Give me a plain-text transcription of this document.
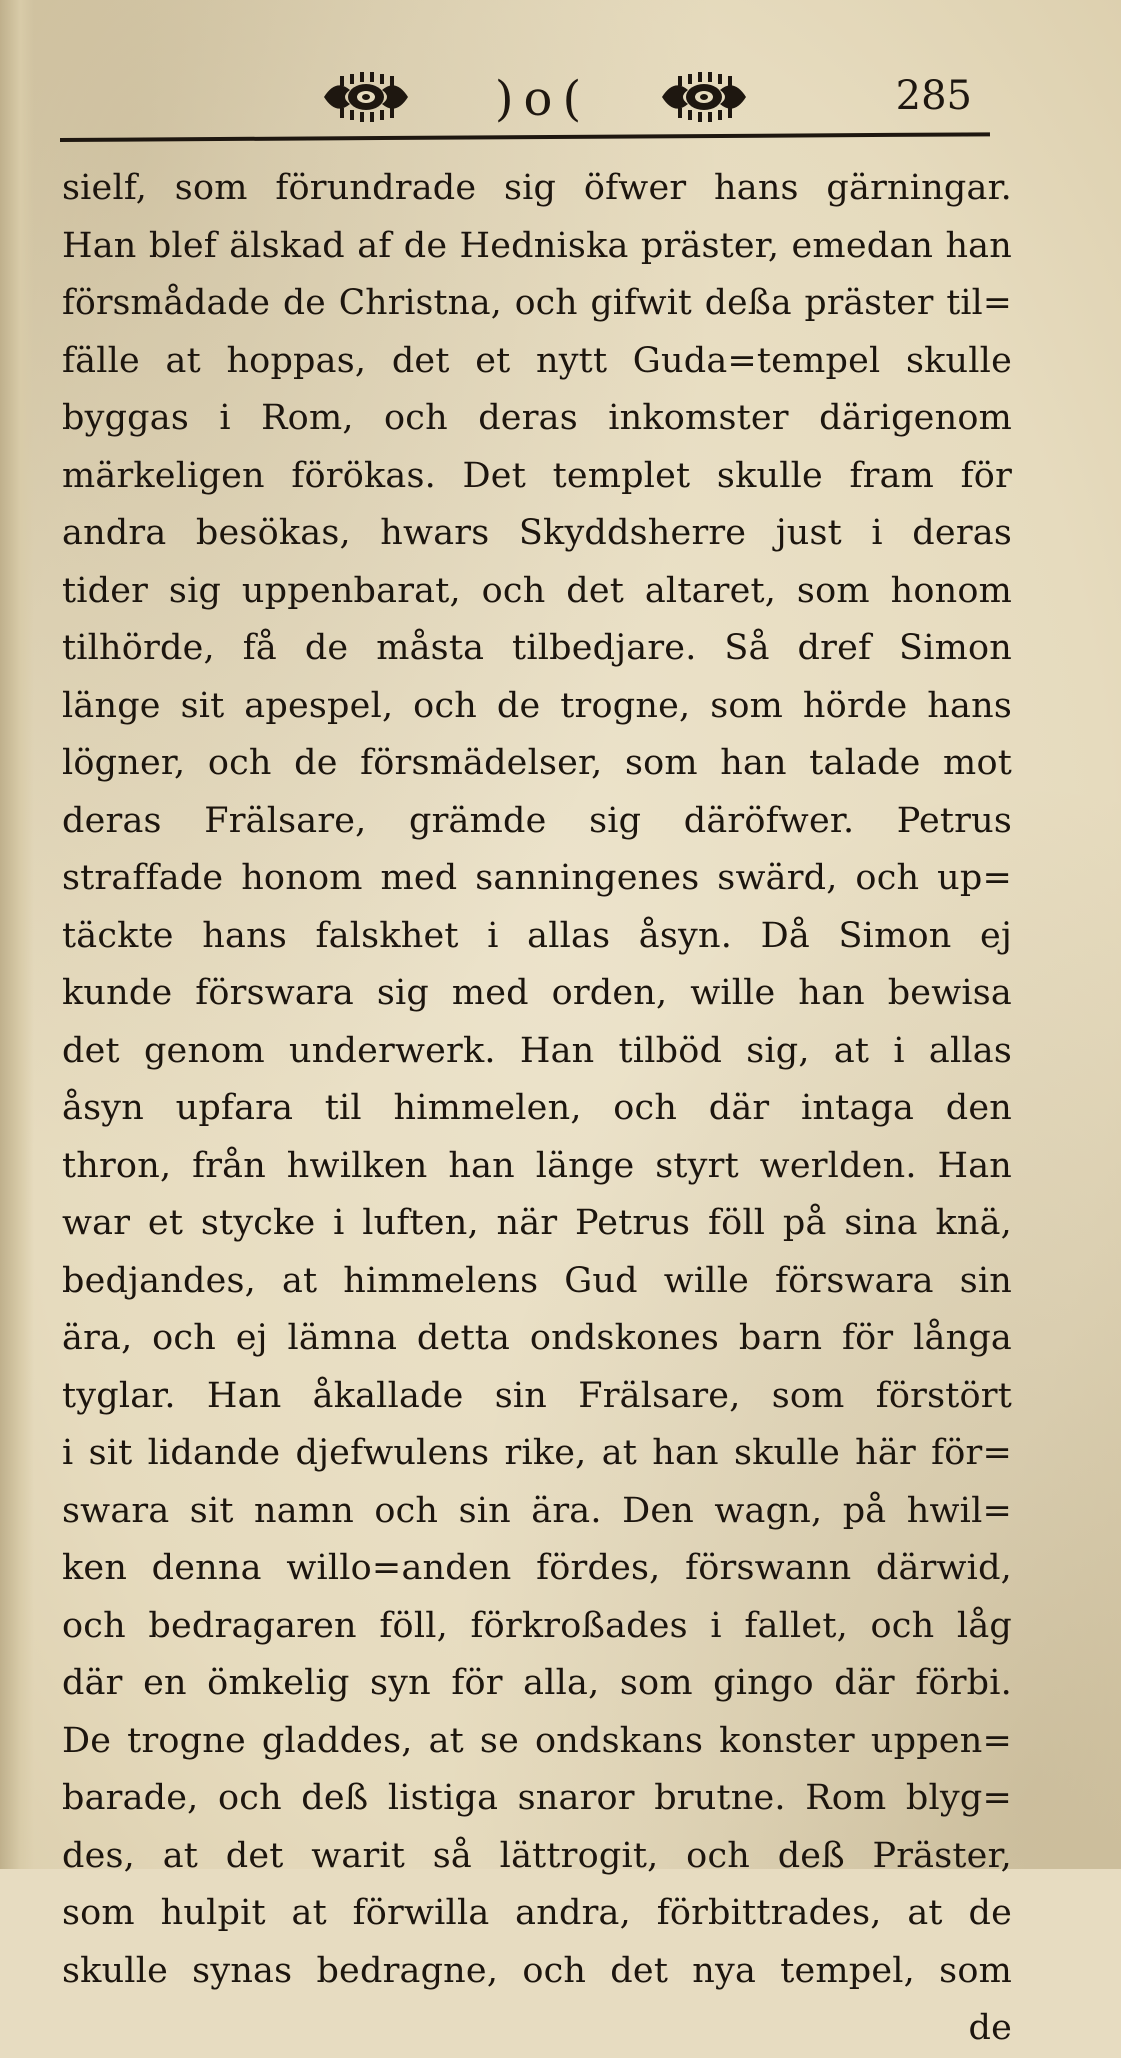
)o(	285
sielf, som förundrade sig öfwer hans gärningar.
Han blef älskad af de Hedniska präster, emedan han
försmådade de Christna, och gifwit deßa präster til=
fälle at hoppas, det et nytt Guda=tempel skulle
byggas i Rom, och deras inkomster därigenom
märkeligen förökas. Det templet skulle fram för
andra besökas, hwars Skyddsherre just i deras
tider sig uppenbarat, och det altaret, som honom
tilhörde, få de måsta tilbedjare. Så dref Simon
länge sit apespel, och de trogne, som hörde hans
lögner, och de försmädelser, som han talade mot
deras Frälsare, grämde sig däröfwer. Petrus
straffade honom med sanningenes swärd, och up=
täckte hans falskhet i allas åsyn. Då Simon ej
kunde förswara sig med orden, wille han bewisa
det genom underwerk. Han tilböd sig, at i allas
åsyn upfara til himmelen, och där intaga den
thron, från hwilken han länge styrt werlden. Han
war et stycke i luften, när Petrus föll på sina knä,
bedjandes, at himmelens Gud wille förswara sin
ära, och ej lämna detta ondskones barn för långa
tyglar. Han åkallade sin Frälsare, som förstört
i sit lidande djefwulens rike, at han skulle här för=
swara sit namn och sin ära. Den wagn, på hwil=
ken denna willo=anden fördes, förswann därwid,
och bedragaren föll, förkroßades i fallet, och låg
där en ömkelig syn för alla, som gingo där förbi.
De trogne gladdes, at se ondskans konster uppen=
barade, och deß listiga snaror brutne. Rom blyg=
des, at det warit så lättrogit, och deß Präster,
som hulpit at förwilla andra, förbittrades, at de
skulle synas bedragne, och det nya tempel, som
de
